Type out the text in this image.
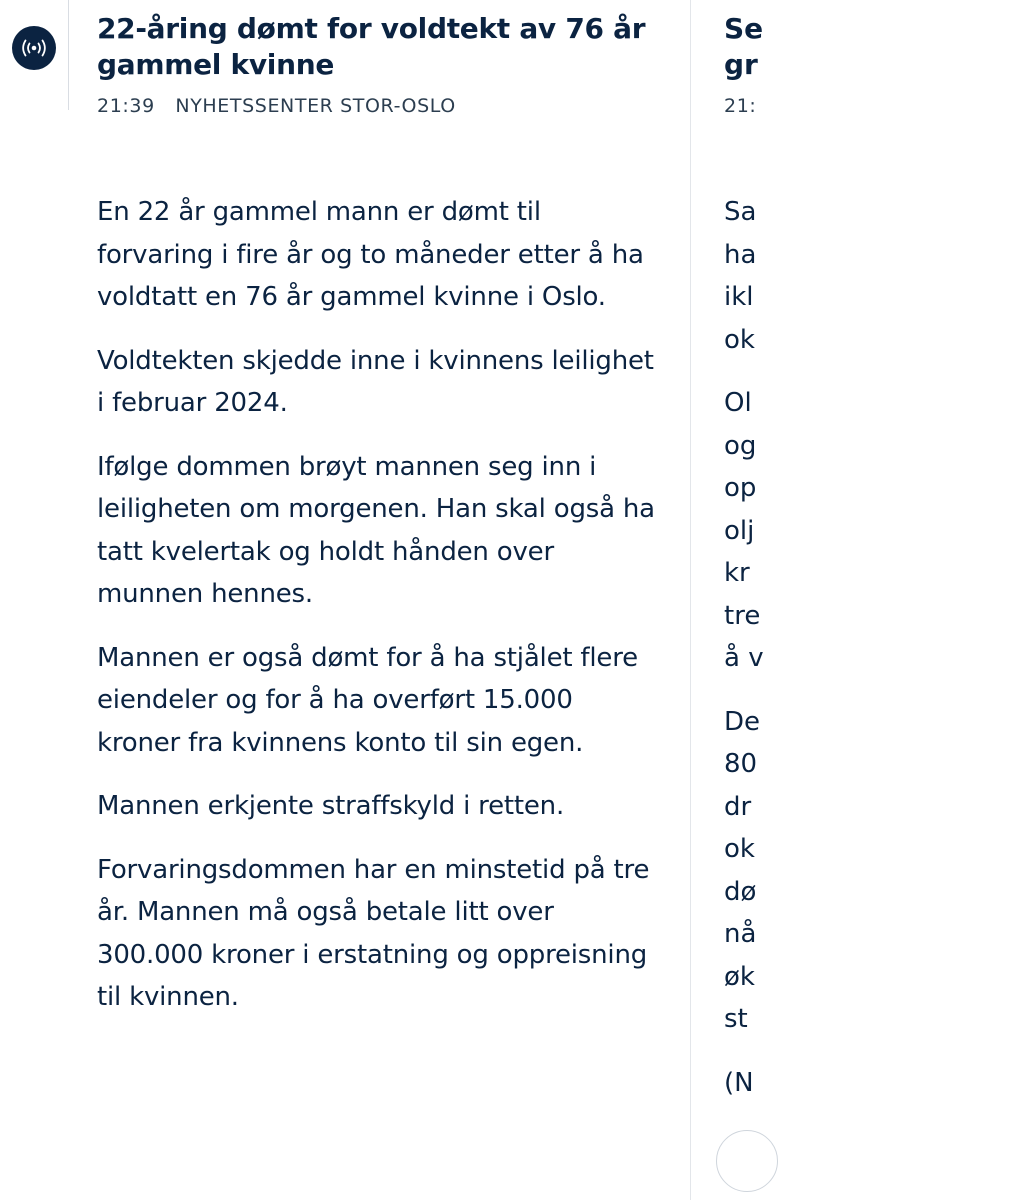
22-åring dømt for voldtekt av 76 år gammel kvinne
21:39 NYHETSSENTER STOR-OSLO

En 22 år gammel mann er dømt til forvaring i fire år og to måneder etter å ha voldtatt en 76 år gammel kvinne i Oslo.

Voldtekten skjedde inne i kvinnens leilighet i februar 2024.

Ifølge dommen brøyt mannen seg inn i leiligheten om morgenen. Han skal også ha tatt kvelertak og holdt hånden over munnen hennes.

Mannen er også dømt for å ha stjålet flere eiendeler og for å ha overført 15.000 kroner fra kvinnens konto til sin egen.

Mannen erkjente straffskyld i retten.

Forvaringsdommen har en minstetid på tre år. Mannen må også betale litt over 300.000 kroner i erstatning og oppreisning til kvinnen.

Se
gr
21:

Sa
ha
ikl
ok

Ol
og
op
olj
kr
tre
å v

De
80
dr
ok
dø
nå
øk
st

(N
